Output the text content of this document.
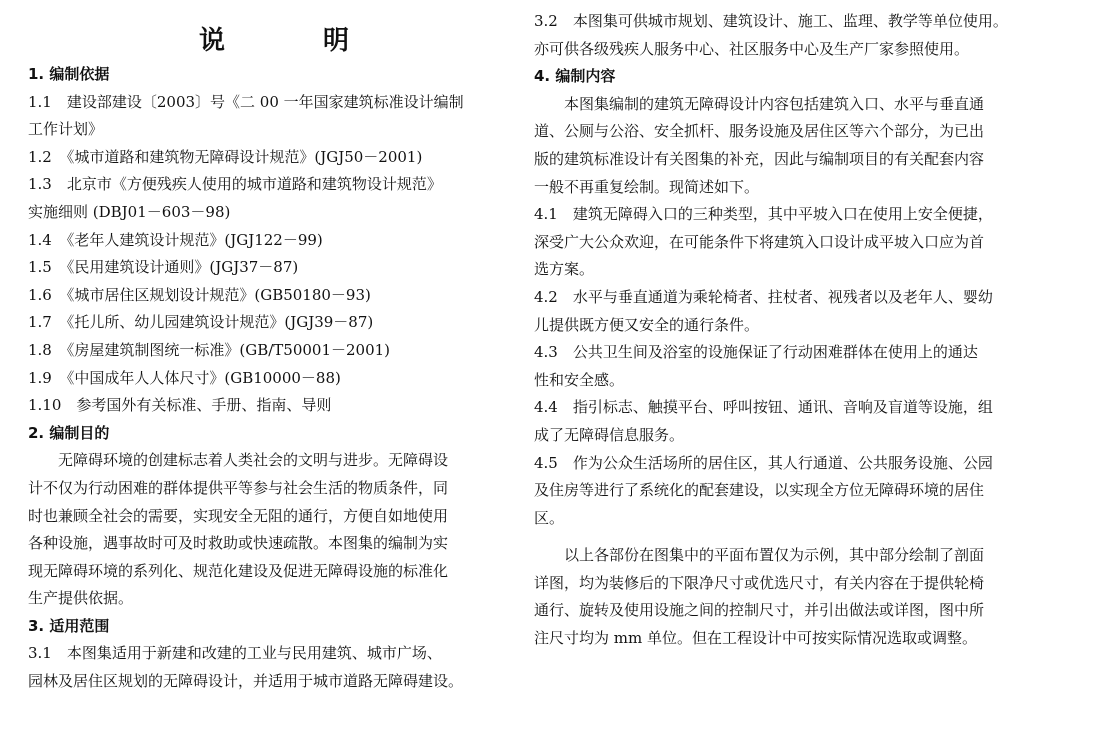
说　明
1. 编制依据
1.1　建设部建设〔2003〕号《二 00 一年国家建筑标准设计编制
工作计划》
1.2　《城市道路和建筑物无障碍设计规范》(JGJ50－2001)
1.3　北京市《方便残疾人使用的城市道路和建筑物设计规范》
实施细则 (DBJ01－603－98)
1.4　《老年人建筑设计规范》(JGJ122－99)
1.5　《民用建筑设计通则》(JGJ37－87)
1.6　《城市居住区规划设计规范》(GB50180－93)
1.7　《托儿所、幼儿园建筑设计规范》(JGJ39－87)
1.8　《房屋建筑制图统一标准》(GB/T50001－2001)
1.9　《中国成年人人体尺寸》(GB10000－88)
1.10　参考国外有关标准、手册、指南、导则
2. 编制目的
无障碍环境的创建标志着人类社会的文明与进步。无障碍设
计不仅为行动困难的群体提供平等参与社会生活的物质条件，同
时也兼顾全社会的需要，实现安全无阻的通行，方便自如地使用
各种设施，遇事故时可及时救助或快速疏散。本图集的编制为实
现无障碍环境的系列化、规范化建设及促进无障碍设施的标准化
生产提供依据。
3. 适用范围
3.1　本图集适用于新建和改建的工业与民用建筑、城市广场、
园林及居住区规划的无障碍设计，并适用于城市道路无障碍建设。
3.2　本图集可供城市规划、建筑设计、施工、监理、教学等单位使用。
亦可供各级残疾人服务中心、社区服务中心及生产厂家参照使用。
4. 编制内容
本图集编制的建筑无障碍设计内容包括建筑入口、水平与垂直通
道、公厕与公浴、安全抓杆、服务设施及居住区等六个部分，为已出
版的建筑标准设计有关图集的补充，因此与编制项目的有关配套内容
一般不再重复绘制。现简述如下。
4.1　建筑无障碍入口的三种类型，其中平坡入口在使用上安全便捷，
深受广大公众欢迎，在可能条件下将建筑入口设计成平坡入口应为首
选方案。
4.2　水平与垂直通道为乘轮椅者、拄杖者、视残者以及老年人、婴幼
儿提供既方便又安全的通行条件。
4.3　公共卫生间及浴室的设施保证了行动困难群体在使用上的通达
性和安全感。
4.4　指引标志、触摸平台、呼叫按钮、通讯、音响及盲道等设施，组
成了无障碍信息服务。
4.5　作为公众生活场所的居住区，其人行通道、公共服务设施、公园
及住房等进行了系统化的配套建设，以实现全方位无障碍环境的居住
区。
以上各部份在图集中的平面布置仅为示例，其中部分绘制了剖面
详图，均为装修后的下限净尺寸或优选尺寸，有关内容在于提供轮椅
通行、旋转及使用设施之间的控制尺寸，并引出做法或详图，图中所
注尺寸均为 mm 单位。但在工程设计中可按实际情况选取或调整。
